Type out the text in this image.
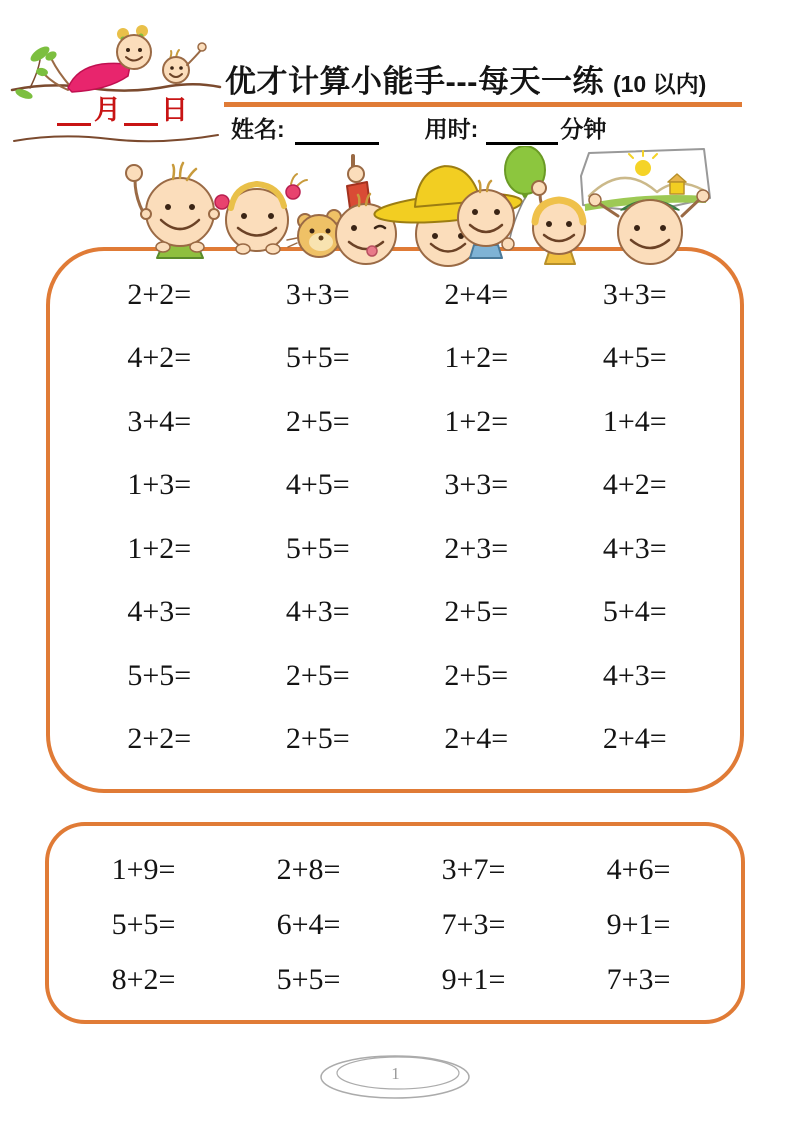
月 日
优才计算小能手---每天一练 (10 以内)
姓名:	用时:	分钟
2+2=	3+3=	2+4=	3+3=
4+2=	5+5=	1+2=	4+5=
3+4=	2+5=	1+2=	1+4=
1+3=	4+5=	3+3=	4+2=
1+2=	5+5=	2+3=	4+3=
4+3=	4+3=	2+5=	5+4=
5+5=	2+5=	2+5=	4+3=
2+2=	2+5=	2+4=	2+4=
1+9=	2+8=	3+7=	4+6=
5+5=	6+4=	7+3=	9+1=
8+2=	5+5=	9+1=	7+3=
1
